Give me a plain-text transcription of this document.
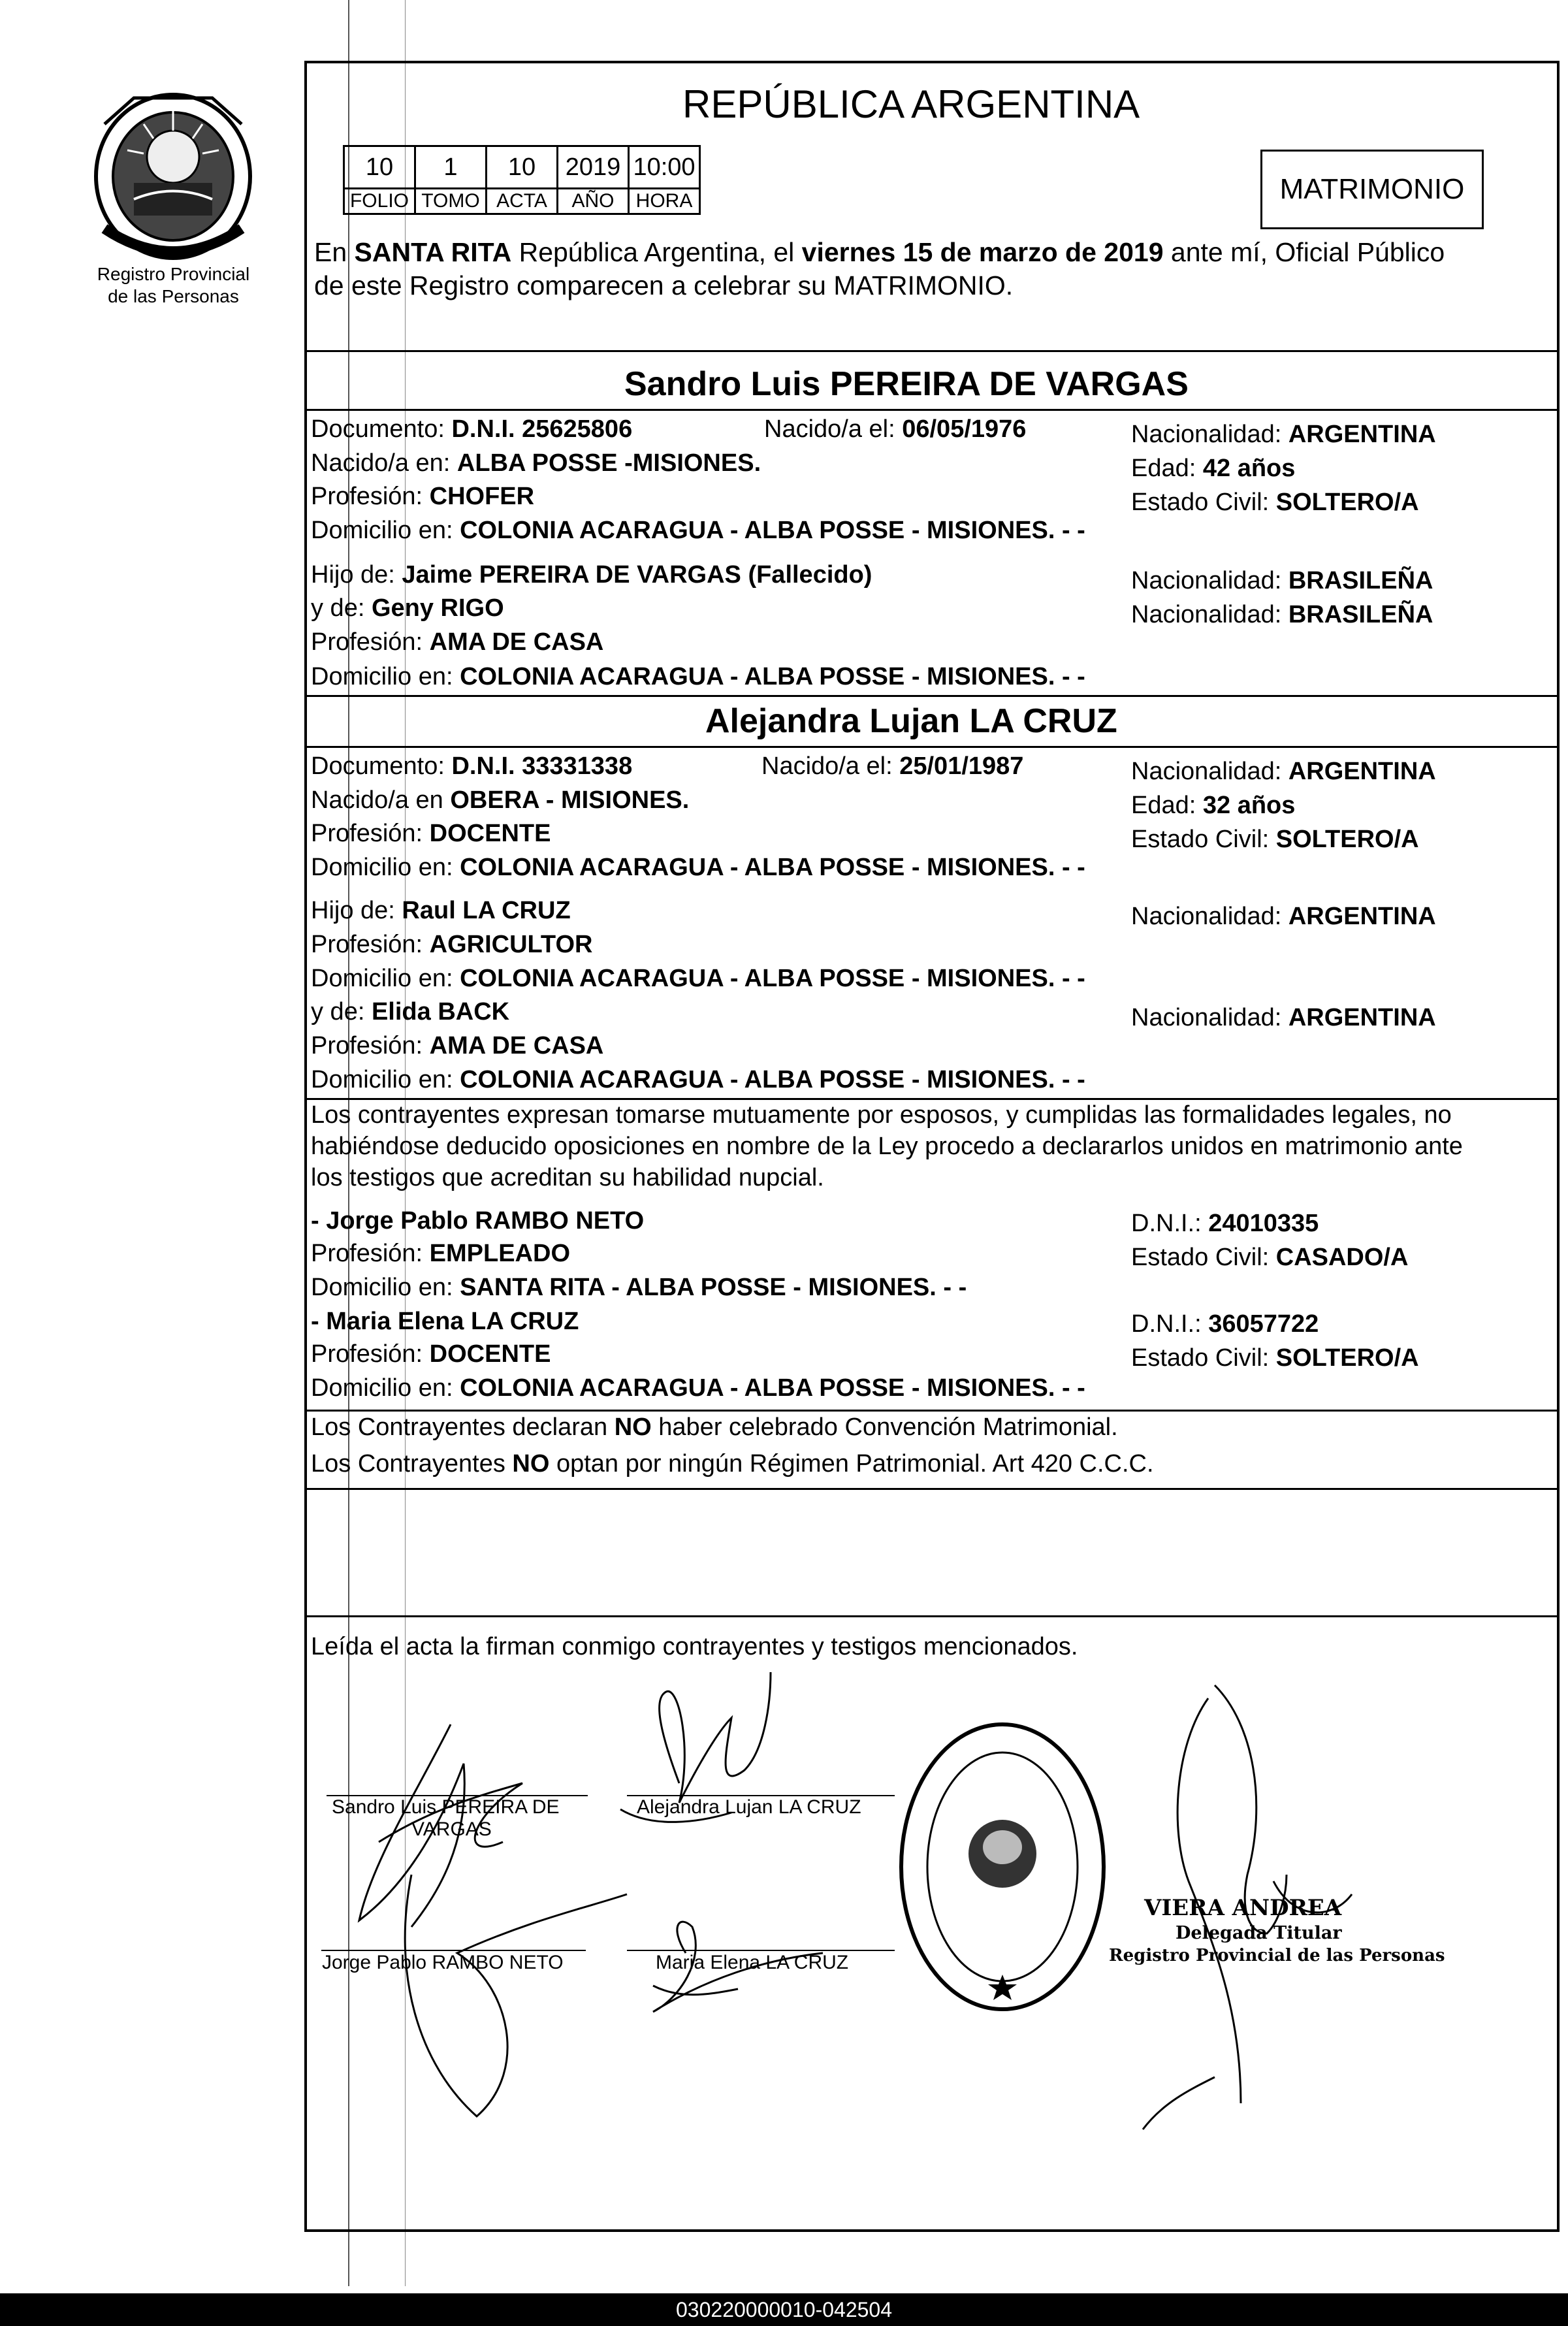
Registro Provincial
de las Personas
REPÚBLICA ARGENTINA
10	1	10	2019	10:00
FOLIO	TOMO	ACTA	AÑO	HORA	MATRIMONIO
En SANTA RITA República Argentina, el viernes 15 de marzo de 2019 ante mí, Oficial Público
de este Registro comparecen a celebrar su MATRIMONIO.
Sandro Luis PEREIRA DE VARGAS
Documento: D.N.I. 25625806	Nacido/a el: 06/05/1976	Nacionalidad: ARGENTINA
Nacido/a en: ALBA POSSE -MISIONES.	Edad: 42 años
Profesión: CHOFER	Estado Civil: SOLTERO/A
Domicilio en: COLONIA ACARAGUA - ALBA POSSE - MISIONES. - -
Hijo de: Jaime PEREIRA DE VARGAS (Fallecido)	Nacionalidad: BRASILEÑA
y de: Geny RIGO	Nacionalidad: BRASILEÑA
Profesión: AMA DE CASA
Domicilio en: COLONIA ACARAGUA - ALBA POSSE - MISIONES. - -
Alejandra Lujan LA CRUZ
Documento: D.N.I. 33331338	Nacido/a el: 25/01/1987	Nacionalidad: ARGENTINA
Nacido/a en OBERA - MISIONES.	Edad: 32 años
Profesión: DOCENTE	Estado Civil: SOLTERO/A
Domicilio en: COLONIA ACARAGUA - ALBA POSSE - MISIONES. - -
Hijo de: Raul LA CRUZ	Nacionalidad: ARGENTINA
Profesión: AGRICULTOR
Domicilio en: COLONIA ACARAGUA - ALBA POSSE - MISIONES. - -
y de: Elida BACK	Nacionalidad: ARGENTINA
Profesión: AMA DE CASA
Domicilio en: COLONIA ACARAGUA - ALBA POSSE - MISIONES. - -
Los contrayentes expresan tomarse mutuamente por esposos, y cumplidas las formalidades legales, no
habiéndose deducido oposiciones en nombre de la Ley procedo a declararlos unidos en matrimonio ante
los testigos que acreditan su habilidad nupcial.
- Jorge Pablo RAMBO NETO	D.N.I.: 24010335
Profesión: EMPLEADO	Estado Civil: CASADO/A
Domicilio en: SANTA RITA - ALBA POSSE - MISIONES. - -
- Maria Elena LA CRUZ	D.N.I.: 36057722
Profesión: DOCENTE	Estado Civil: SOLTERO/A
Domicilio en: COLONIA ACARAGUA - ALBA POSSE - MISIONES. - -
Los Contrayentes declaran NO haber celebrado Convención Matrimonial.
Los Contrayentes NO optan por ningún Régimen Patrimonial. Art 420 C.C.C.
Leída el acta la firman conmigo contrayentes y testigos mencionados.
Sandro Luis PEREIRA DE
VARGAS
Alejandra Lujan LA CRUZ
Jorge Pablo RAMBO NETO	Maria Elena LA CRUZ
VIERA ANDREA
Delegada Titular
Registro Provincial de las Personas
030220000010-042504
